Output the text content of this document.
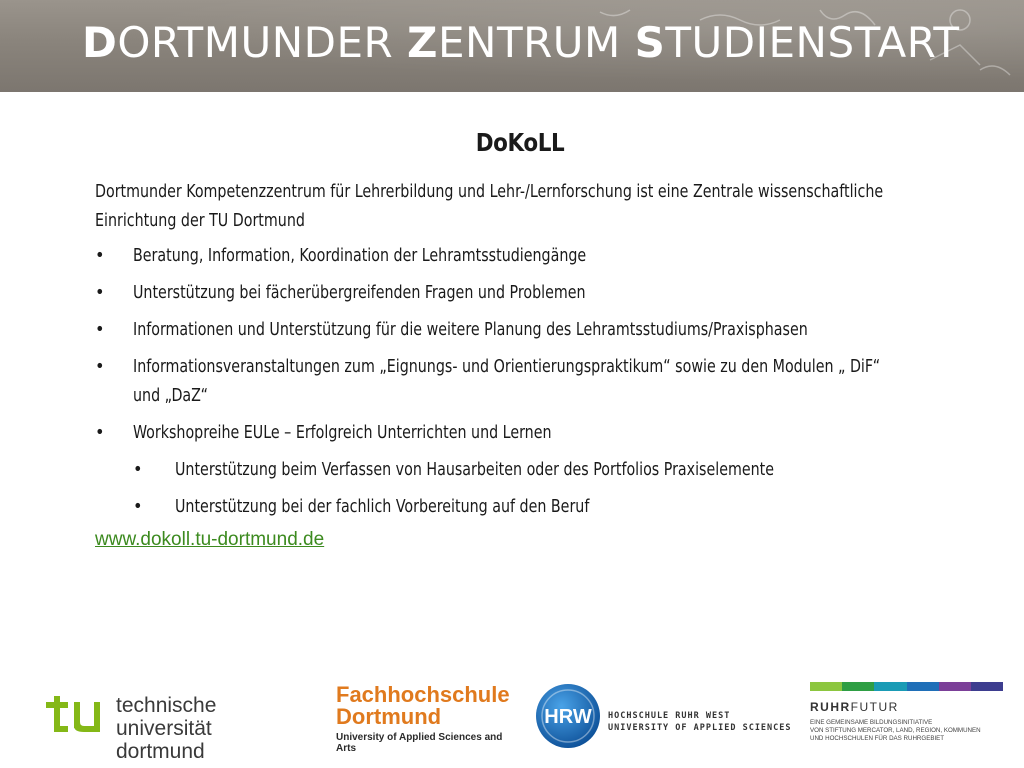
DORTMUNDER ZENTRUM STUDIENSTART
DoKoLL

Dortmunder Kompetenzzentrum für Lehrerbildung und Lehr-/Lernforschung ist eine Zentrale wissenschaftliche Einrichtung der TU Dortmund

• Beratung, Information, Koordination der Lehramtsstudiengänge
• Unterstützung bei fächerübergreifenden Fragen und Problemen
• Informationen und Unterstützung für die weitere Planung des Lehramtsstudiums/Praxisphasen
• Informationsveranstaltungen zum „Eignungs- und Orientierungspraktikum“ sowie zu den Modulen „ DiF“ und „DaZ“
• Workshopreihe EULe – Erfolgreich Unterrichten und Lernen
• Unterstützung beim Verfassen von Hausarbeiten oder des Portfolios Praxiselemente
• Unterstützung bei der fachlich Vorbereitung auf den Beruf
www.dokoll.tu-dortmund.de
technische universität
dortmund
Fachhochschule
Dortmund
University of Applied Sciences and Arts
HRW HOCHSCHULE RUHR WEST
UNIVERSITY OF APPLIED SCIENCES
RUHRFUTUR
EINE GEMEINSAME BILDUNGSINITIATIVE
VON STIFTUNG MERCATOR, LAND, REGION, KOMMUNEN
UND HOCHSCHULEN FÜR DAS RUHRGEBIET
